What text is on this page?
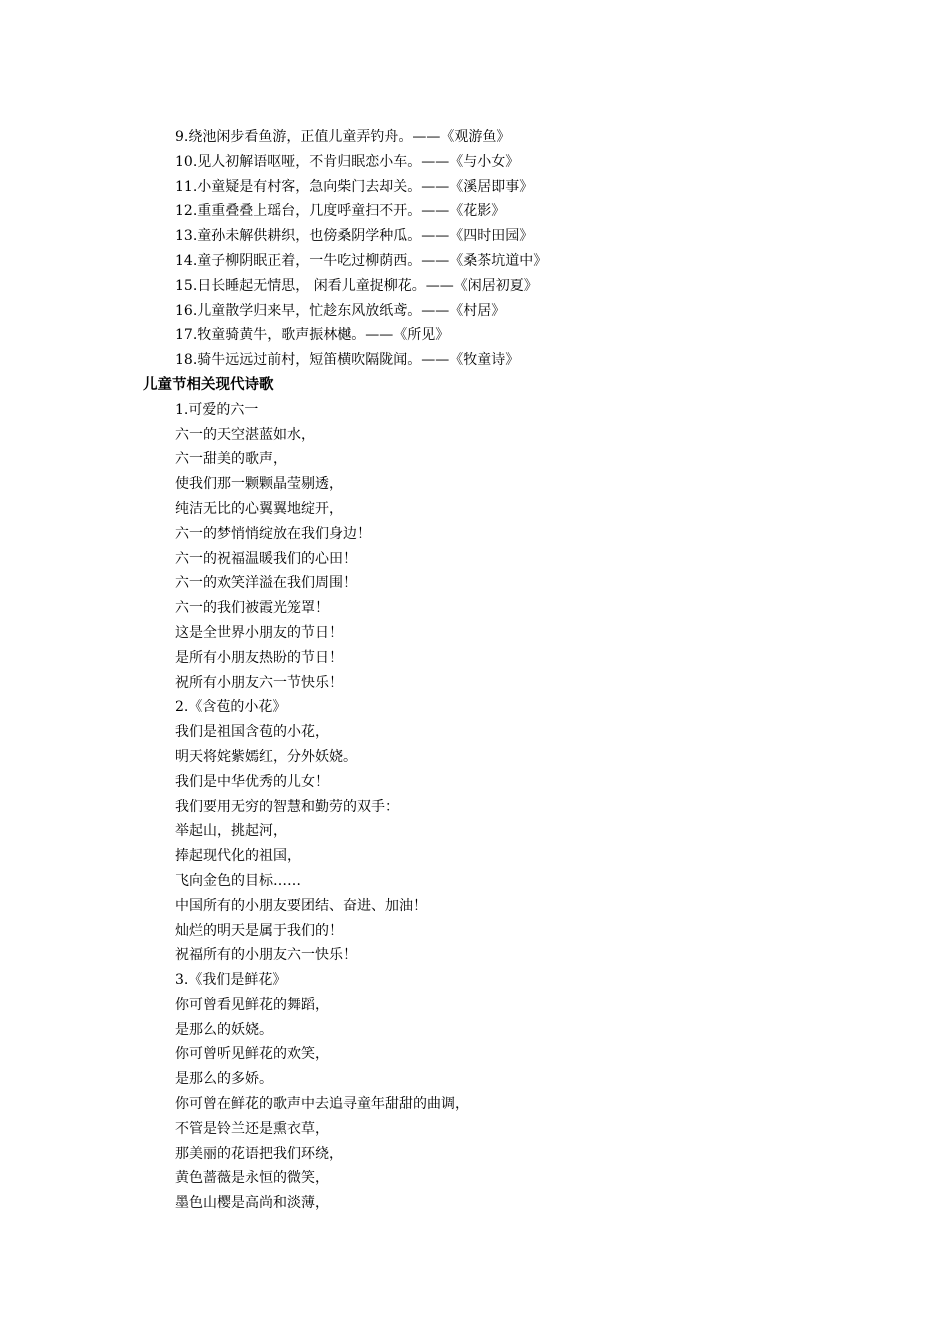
9.绕池闲步看鱼游，正值儿童弄钓舟。——《观游鱼》
10.见人初解语呕哑，不肯归眠恋小车。——《与小女》
11.小童疑是有村客，急向柴门去却关。——《溪居即事》
12.重重叠叠上瑶台，几度呼童扫不开。——《花影》
13.童孙未解供耕织，也傍桑阴学种瓜。——《四时田园》
14.童子柳阴眠正着，一牛吃过柳荫西。——《桑茶坑道中》
15.日长睡起无情思， 闲看儿童捉柳花。——《闲居初夏》
16.儿童散学归来早，忙趁东风放纸鸢。——《村居》
17.牧童骑黄牛，歌声振林樾。——《所见》
18.骑牛远远过前村，短笛横吹隔陇闻。——《牧童诗》
儿童节相关现代诗歌
1.可爱的六一
六一的天空湛蓝如水，
六一甜美的歌声，
使我们那一颗颗晶莹剔透，
纯洁无比的心翼翼地绽开，
六一的梦悄悄绽放在我们身边！
六一的祝福温暖我们的心田！
六一的欢笑洋溢在我们周围！
六一的我们被霞光笼罩！
这是全世界小朋友的节日！
是所有小朋友热盼的节日！
祝所有小朋友六一节快乐！
2.《含苞的小花》
我们是祖国含苞的小花，
明天将姹紫嫣红，分外妖娆。
我们是中华优秀的儿女！
我们要用无穷的智慧和勤劳的双手：
举起山，挑起河，
捧起现代化的祖国，
飞向金色的目标……
中国所有的小朋友要团结、奋进、加油！
灿烂的明天是属于我们的！
祝福所有的小朋友六一快乐！
3.《我们是鲜花》
你可曾看见鲜花的舞蹈，
是那么的妖娆。
你可曾听见鲜花的欢笑，
是那么的多娇。
你可曾在鲜花的歌声中去追寻童年甜甜的曲调，
不管是铃兰还是熏衣草，
那美丽的花语把我们环绕，
黄色蔷薇是永恒的微笑，
墨色山樱是高尚和淡薄，
